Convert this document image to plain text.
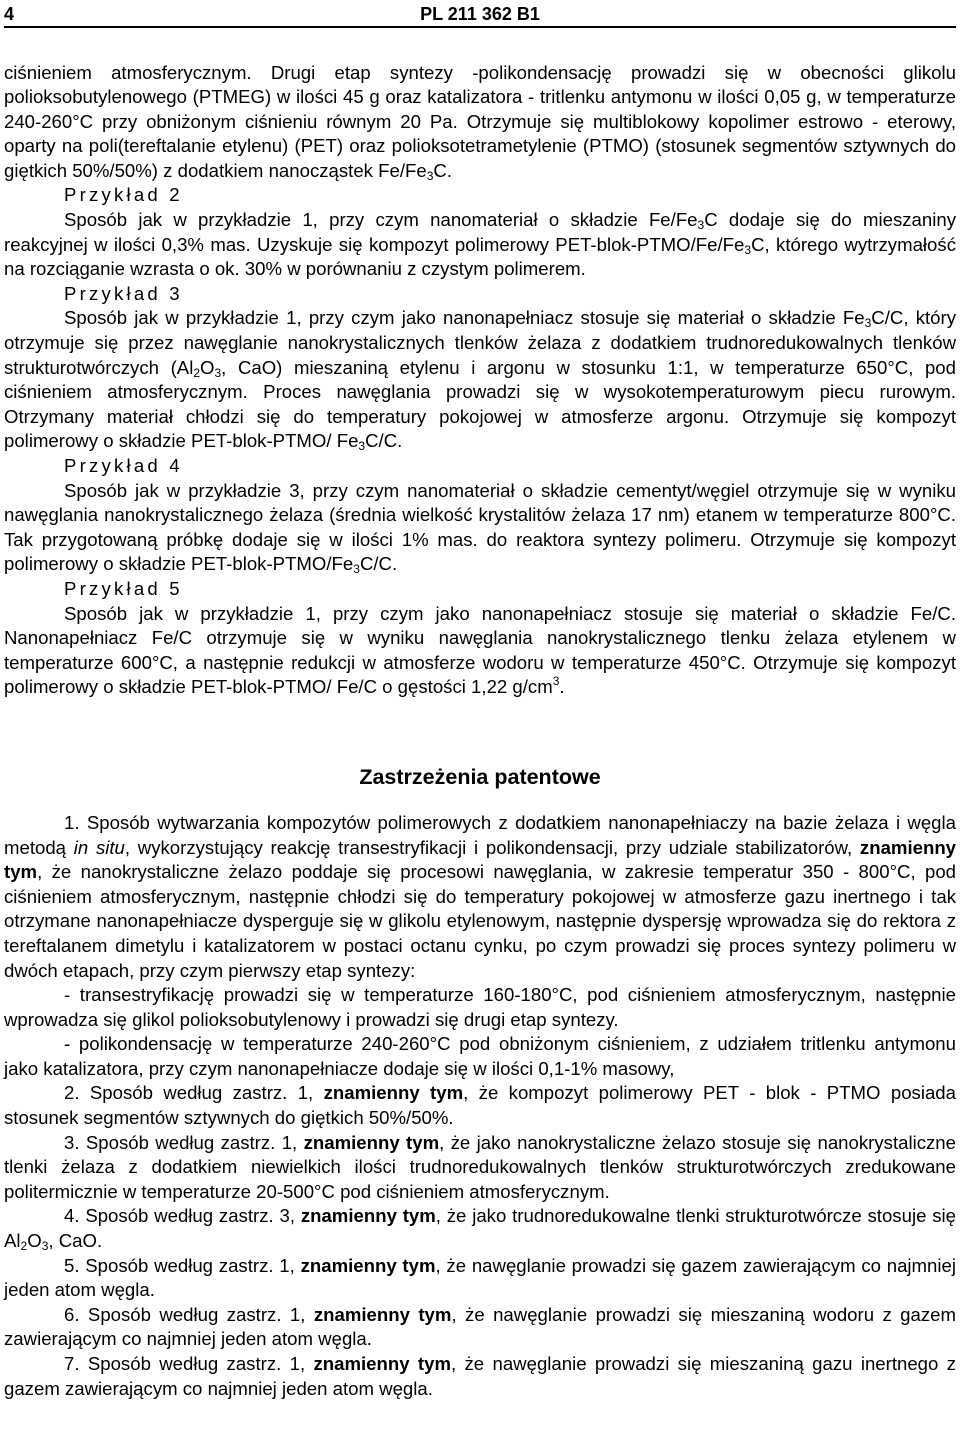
4	PL 211 362 B1

ciśnieniem atmosferycznym. Drugi etap syntezy -polikondensację prowadzi się w obecności glikolu polioksobutylenowego (PTMEG) w ilości 45 g oraz katalizatora - tritlenku antymonu w ilości 0,05 g, w temperaturze 240-260°C przy obniżonym ciśnieniu równym 20 Pa. Otrzymuje się multiblokowy kopolimer estrowo - eterowy, oparty na poli(tereftalanie etylenu) (PET) oraz polioksotetrametylenie (PTMO) (stosunek segmentów sztywnych do giętkich 50%/50%) z dodatkiem nanocząstek $Fe/Fe_3C$.

Przykład 2

Sposób jak w przykładzie 1, przy czym nanomateriał o składzie $Fe/Fe_3C$ dodaje się do mieszaniny reakcyjnej w ilości 0,3% mas. Uzyskuje się kompozyt polimerowy PET-$blok-PTMO/Fe/Fe_3C$, którego wytrzymałość na rozciąganie wzrasta o ok. 30% w porównaniu z czystym polimerem.

Przykład 3

Sposób jak w przykładzie 1, przy czym jako nanonapełniacz stosuje się materiał o składzie $Fe_3C/C$, który otrzymuje się przez nawęglanie nanokrystalicznych tlenków żelaza z dodatkiem trudnoredukowalnych tlenków strukturotwórczych ($Al_2O_3$, CaO) mieszaniną etylenu i argonu w stosunku 1:1, w temperaturze 650°C, pod ciśnieniem atmosferycznym. Proces nawęglania prowadzi się w wysokotemperaturowym piecu rurowym. Otrzymany materiał chłodzi się do temperatury pokojowej w atmosferze argonu. Otrzymuje się kompozyt polimerowy o składzie PET-blok-PTMO/ $Fe_3C/C$.

Przykład 4

Sposób jak w przykładzie 3, przy czym nanomateriał o składzie cementyt/węgiel otrzymuje się w wyniku nawęglania nanokrystalicznego żelaza (średnia wielkość krystalitów żelaza 17 nm) etanem w temperaturze 800°C. Tak przygotowaną próbkę dodaje się w ilości 1% mas. do reaktora syntezy polimeru. Otrzymuje się kompozyt polimerowy o składzie PET-$blok-PTMO/Fe_3C/C$.

Przykład 5

Sposób jak w przykładzie 1, przy czym jako nanonapełniacz stosuje się materiał o składzie Fe/C. Nanonapełniacz Fe/C otrzymuje się w wyniku nawęglania nanokrystalicznego tlenku żelaza etylenem w temperaturze 600°C, a następnie redukcji w atmosferze wodoru w temperaturze 450°C. Otrzymuje się kompozyt polimerowy o składzie PET-blok-PTMO/ Fe/C o gęstości 1,22 $g/cm^3$.

Zastrzeżenia patentowe

1. Sposób wytwarzania kompozytów polimerowych z dodatkiem nanonapełniaczy na bazie żelaza i węgla metodą in situ, wykorzystujący reakcję transestryfikacji i polikondensacji, przy udziale stabilizatorów, znamienny tym, że nanokrystaliczne żelazo poddaje się procesowi nawęglania, w zakresie temperatur 350 - 800°C, pod ciśnieniem atmosferycznym, następnie chłodzi się do temperatury pokojowej w atmosferze gazu inertnego i tak otrzymane nanonapełniacze dysperguje się w glikolu etylenowym, następnie dyspersję wprowadza się do rektora z tereftalanem dimetylu i katalizatorem w postaci octanu cynku, po czym prowadzi się proces syntezy polimeru w dwóch etapach, przy czym pierwszy etap syntezy:

- transestryfikację prowadzi się w temperaturze 160-180°C, pod ciśnieniem atmosferycznym, następnie wprowadza się glikol polioksobutylenowy i prowadzi się drugi etap syntezy.

- polikondensację w temperaturze 240-260°C pod obniżonym ciśnieniem, z udziałem tritlenku antymonu jako katalizatora, przy czym nanonapełniacze dodaje się w ilości 0,1-1% masowy,

2. Sposób według zastrz. 1, znamienny tym, że kompozyt polimerowy PET - blok - PTMO posiada stosunek segmentów sztywnych do giętkich 50%/50%.

3. Sposób według zastrz. 1, znamienny tym, że jako nanokrystaliczne żelazo stosuje się nanokrystaliczne tlenki żelaza z dodatkiem niewielkich ilości trudnoredukowalnych tlenków strukturotwórczych zredukowane politermicznie w temperaturze 20-500°C pod ciśnieniem atmosferycznym.

4. Sposób według zastrz. 3, znamienny tym, że jako trudnoredukowalne tlenki strukturotwórcze stosuje się $Al_2O_3$, CaO.

5. Sposób według zastrz. 1, znamienny tym, że nawęglanie prowadzi się gazem zawierającym co najmniej jeden atom węgla.

6. Sposób według zastrz. 1, znamienny tym, że nawęglanie prowadzi się mieszaniną wodoru z gazem zawierającym co najmniej jeden atom węgla.

7. Sposób według zastrz. 1, znamienny tym, że nawęglanie prowadzi się mieszaniną gazu inertnego z gazem zawierającym co najmniej jeden atom węgla.
